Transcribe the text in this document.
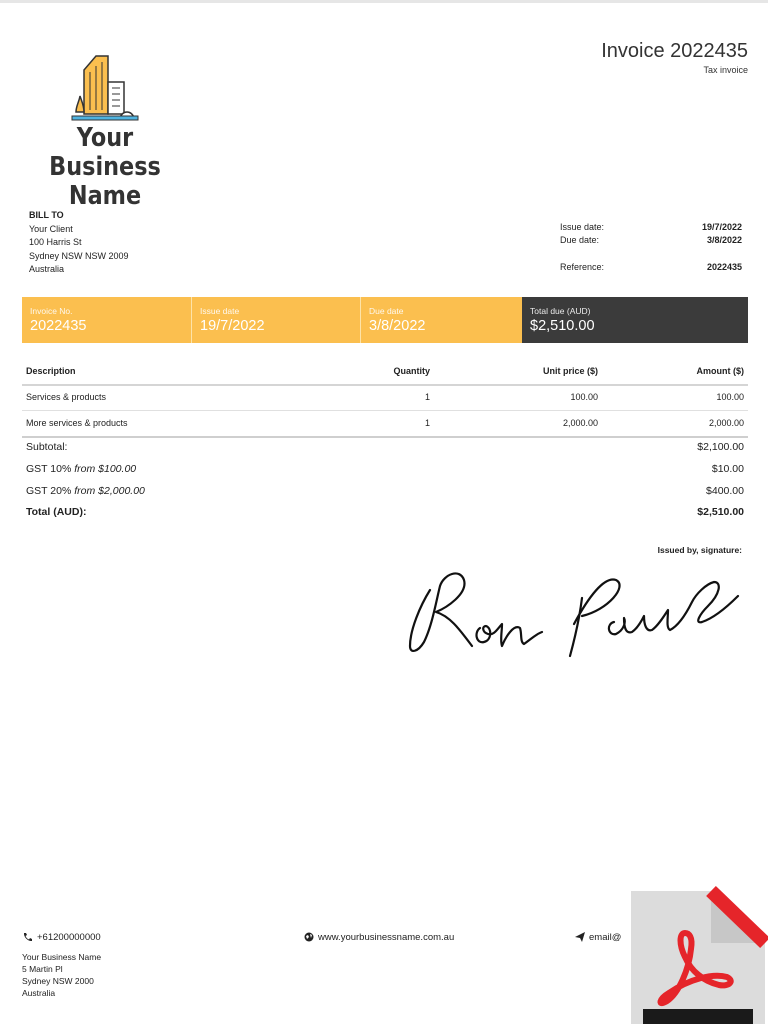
Your Business
Name
Invoice 2022435
Tax invoice
BILL TO
Your Client
100 Harris St
Sydney NSW NSW 2009
Australia
Issue date:	19/7/2022
Due date:	3/8/2022
Reference:	2022435
Invoice No.
2022435
Issue date
19/7/2022
Due date
3/8/2022
Total due (AUD)
$2,510.00
Description	Quantity	Unit price ($)	Amount ($)
Services & products	1	100.00	100.00
More services & products	1	2,000.00	2,000.00
Subtotal:	$2,100.00
GST 10% from $100.00	$10.00
GST 20% from $2,000.00	$400.00
Total (AUD):	$2,510.00
Issued by, signature:
+61200000000	www.yourbusinessname.com.au	email@
Your Business Name
5 Martin Pl
Sydney NSW 2000
Australia
